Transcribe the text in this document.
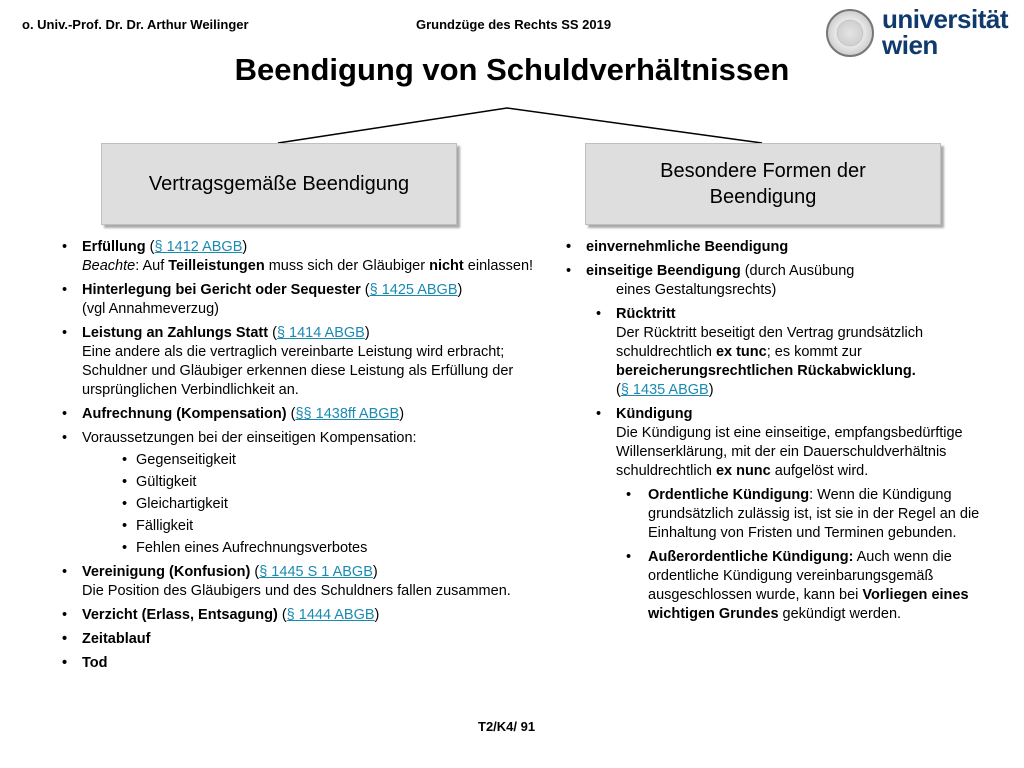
o. Univ.-Prof. Dr. Dr. Arthur Weilinger	Grundzüge des Rechts SS 2019	universität
wien
Beendigung von Schuldverhältnissen
Vertragsgemäße Beendigung
Besondere Formen der Beendigung
• Erfüllung (§ 1412 ABGB)
Beachte: Auf Teilleistungen muss sich der Gläubiger nicht einlassen!
• Hinterlegung bei Gericht oder Sequester (§ 1425 ABGB)
(vgl Annahmeverzug)
• Leistung an Zahlungs Statt (§ 1414 ABGB)
Eine andere als die vertraglich vereinbarte Leistung wird erbracht; Schuldner und Gläubiger erkennen diese Leistung als Erfüllung der ursprünglichen Verbindlichkeit an.
• Aufrechnung (Kompensation) (§§ 1438ff ABGB)
• Voraussetzungen bei der einseitigen Kompensation:
• Gegenseitigkeit
• Gültigkeit
• Gleichartigkeit
• Fälligkeit
• Fehlen eines Aufrechnungsverbotes
• Vereinigung (Konfusion) (§ 1445 S 1 ABGB)
Die Position des Gläubigers und des Schuldners fallen zusammen.
• Verzicht (Erlass, Entsagung) (§ 1444 ABGB)
• Zeitablauf
• Tod
• einvernehmliche Beendigung
• einseitige Beendigung (durch Ausübung
eines Gestaltungsrechts)
• Rücktritt
Der Rücktritt beseitigt den Vertrag grundsätzlich schuldrechtlich ex tunc; es kommt zur bereicherungsrechtlichen Rückabwicklung.
(§ 1435 ABGB)
• Kündigung
Die Kündigung ist eine einseitige, empfangsbedürftige Willenserklärung, mit der ein Dauerschuldverhältnis schuldrechtlich ex nunc aufgelöst wird.
• Ordentliche Kündigung: Wenn die Kündigung grundsätzlich zulässig ist, ist sie in der Regel an die Einhaltung von Fristen und Terminen gebunden.
• Außerordentliche Kündigung: Auch wenn die ordentliche Kündigung vereinbarungsgemäß ausgeschlossen wurde, kann bei Vorliegen eines wichtigen Grundes gekündigt werden.
T2/K4/ 91
